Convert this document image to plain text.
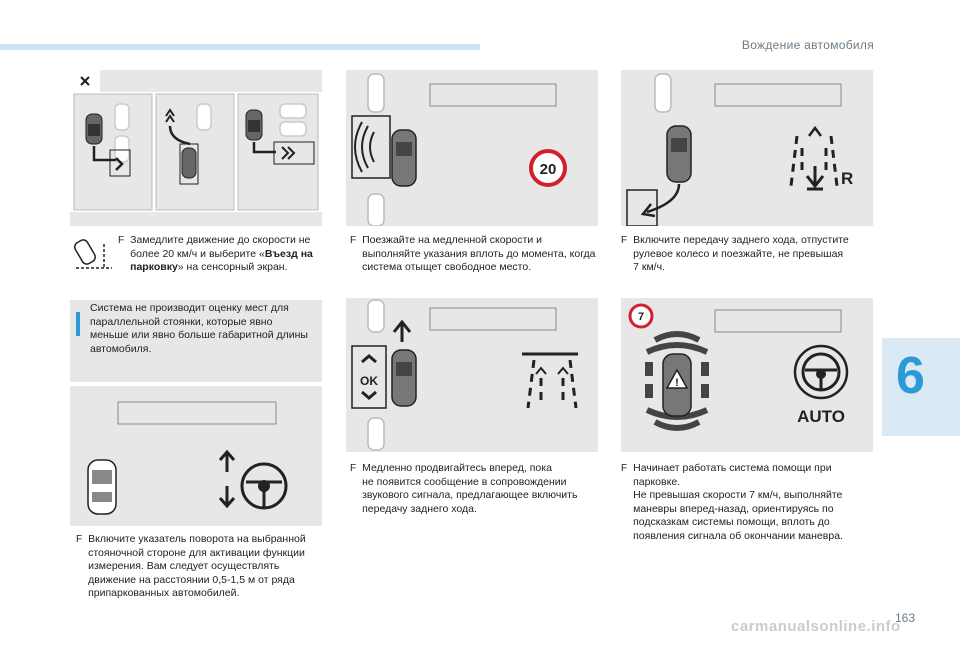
Вождение автомобиля
6
163
carmanualsonline.info
F Замедлите движение до скорости не
более 20 км/ч и выберите «Въезд на
парковку» на сенсорный экран.
Система не производит оценку мест для
параллельной стоянки, которые явно
меньше или явно больше габаритной длины
автомобиля.
F Включите указатель поворота на выбранной
стояночной стороне для активации функции
измерения. Вам следует осуществлять
движение на расстоянии 0,5-1,5 м от ряда
припаркованных автомобилей.
20
F Поезжайте на медленной скорости и
выполняйте указания вплоть до момента, когда
система отыщет свободное место.
OK
F Медленно продвигайтесь вперед, пока
не появится сообщение в сопровождении
звукового сигнала, предлагающее включить
передачу заднего хода.
R
F Включите передачу заднего хода, отпустите
рулевое колесо и поезжайте, не превышая
7 км/ч.
7
!
AUTO
F Начинает работать система помощи при
парковке.
Не превышая скорости 7 км/ч, выполняйте
маневры вперед-назад, ориентируясь по
подсказкам системы помощи, вплоть до
появления сигнала об окончании маневра.
